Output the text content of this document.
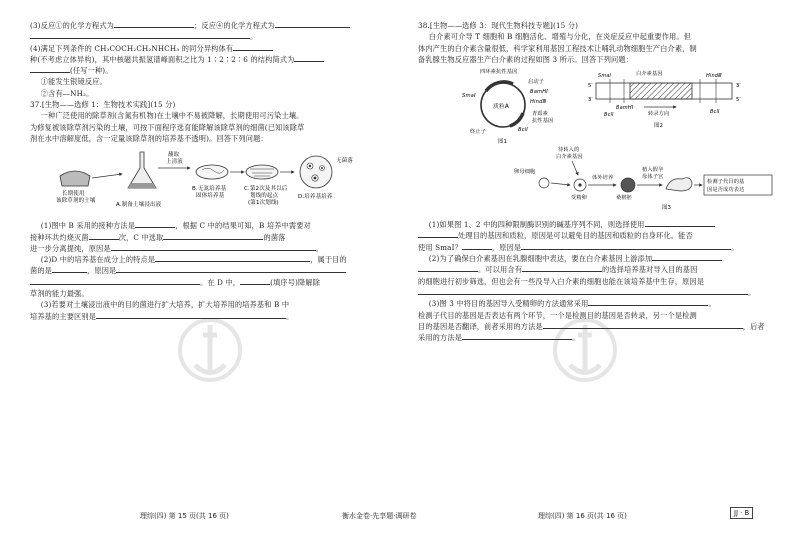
(3)反应①的化学方程式为	；反应④的化学方程式为
。
(4)满足下列条件的 CH₃COCH₂CH₂NHCH₃ 的同分异构体有
种(不考虑立体异构)，其中核磁共振氢谱峰面积之比为 1∶2∶2∶6 的结构简式为
(任写一种)。
①能发生银镜反应。
②含有—NH₂。
37.[生物——选修 1：生物技术实践](15 分)
一种广泛使用的除草剂(含氮有机物)在土壤中不易被降解，长期使用可污染土壤。
为修复被该除草剂污染的土壤，可按下面程序选育能降解该除草剂的细菌(已知该除草
剂在水中溶解度低，含一定量该除草剂的培养基不透明)。回答下列问题：
长期使用
该除草剂的土壤
A.制备土壤浸出液
蘸取
上清液
B. 无氮培养基
固体培养基
C.第2次及其以后
划线的起点
(第1次划线)
无菌落
D.培养基培养
(1)图中 B 采用的接种方法是	，根据 C 中的结果可知，B 培养中需要对
接种环共灼烧灭菌	次，C 中选取	的菌落
进一步分离提纯，原因是	。
(2)D 中的培养基在成分上的特点是	，属于目的
菌的是	，原因是
。在 D 中，	(填序号)降解除
草剂的能力最强。
(3)若要对土壤浸出液中的目的菌进行扩大培养，扩大培养用的培养基和 B 中
培养基的主要区别是	。
理综(四) 第 15 页(共 16 页)	衡水金卷·先享题·调研卷	理综(四) 第 16 页(共 16 页)	JJ · B
38.[生物——选修 3：现代生物科技专题](15 分)
白介素可介导 T 细胞和 B 细胞活化、增殖与分化，在炎症反应中起重要作用。但
体内产生的白介素含量很低，科学家利用基因工程技术让哺乳动物细胞生产白介素，制
备乳腺生物反应器生产白介素的过程如图 3 所示。回答下列问题：
四环素抗性基因
质粒A
启动子
BamHⅠ
HindⅢ
SmaⅠ
BclⅠ
青霉素
抗性基因
终止子
图1
白介素基因
5′
3′
3′
5′
SmaⅠ	HindⅢ
BamHⅠ
BclⅠ	BclⅠ
转录方向
图2
待转入的
白介素基因
卵母细胞
受精卵
体外培养
桑椹胚
植入假孕
母体子宫
检测子代目的基
因是否成功表达
图3
(1)如果图 1、2 中的四种限制酶识别的碱基序列不同，则选择使用
处理目的基因和质粒，原因是可以避免目的基因和质粒的自身环化。能否
使用 SmaⅠ？	，原因是	。
(2)为了确保白介素基因在乳腺细胞中表达，要在白介素基因上游添加
。可以用含有	的选择培养基对导入目的基因
的细胞进行初步筛选，但也会有一些没导入白介素的细胞也能在该培养基中生存，原因是
。
(3)图 3 中将目的基因导入受精卵的方法通常采用	。
检测子代目的基因是否表达有两个环节，一个是检测目的基因是否转录，另一个是检测
目的基因是否翻译，前者采用的方法是	，后者
采用的方法是	。
